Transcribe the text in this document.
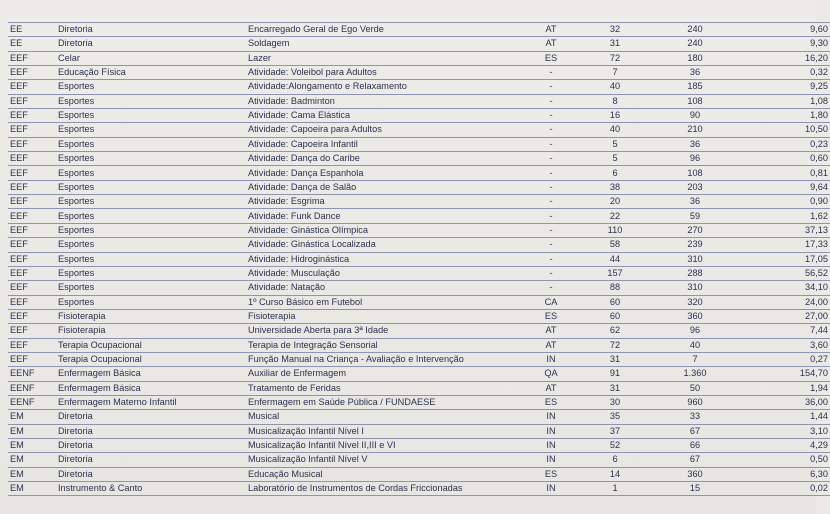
EE	Diretoria	Encarregado Geral de Ego Verde	AT	32	240	9,60
EE	Diretoria	Soldagem	AT	31	240	9,30
EEF	Celar	Lazer	ES	72	180	16,20
EEF	Educação Física	Atividade: Voleibol para Adultos	-	7	36	0,32
EEF	Esportes	Atividade:Alongamento e Relaxamento	-	40	185	9,25
EEF	Esportes	Atividade: Badminton	-	8	108	1,08
EEF	Esportes	Atividade: Cama Elástica	-	16	90	1,80
EEF	Esportes	Atividade: Capoeira para Adultos	-	40	210	10,50
EEF	Esportes	Atividade: Capoeira Infantil	-	5	36	0,23
EEF	Esportes	Atividade: Dança do Caribe	-	5	96	0,60
EEF	Esportes	Atividade: Dança Espanhola	-	6	108	0,81
EEF	Esportes	Atividade: Dança de Salão	-	38	203	9,64
EEF	Esportes	Atividade: Esgrima	-	20	36	0,90
EEF	Esportes	Atividade: Funk Dance	-	22	59	1,62
EEF	Esportes	Atividade: Ginástica Olímpica	-	110	270	37,13
EEF	Esportes	Atividade: Ginástica Localizada	-	58	239	17,33
EEF	Esportes	Atividade: Hidroginástica	-	44	310	17,05
EEF	Esportes	Atividade: Musculação	-	157	288	56,52
EEF	Esportes	Atividade: Natação	-	88	310	34,10
EEF	Esportes	1º Curso Básico em Futebol	CA	60	320	24,00
EEF	Fisioterapia	Fisioterapia	ES	60	360	27,00
EEF	Fisioterapia	Universidade Aberta para 3ª Idade	AT	62	96	7,44
EEF	Terapia Ocupacional	Terapia de Integração Sensorial	AT	72	40	3,60
EEF	Terapia Ocupacional	Função Manual na Criança - Avaliação e Intervenção	IN	31	7	0,27
EENF	Enfermagem Básica	Auxiliar de Enfermagem	QA	91	1.360	154,70
EENF	Enfermagem Básica	Tratamento de Feridas	AT	31	50	1,94
EENF	Enfermagem Materno Infantil	Enfermagem em Saúde Pública / FUNDAESE	ES	30	960	36,00
EM	Diretoria	Musical	IN	35	33	1,44
EM	Diretoria	Musicalização Infantil Nível I	IN	37	67	3,10
EM	Diretoria	Musicalização Infantil Nível II,III e VI	IN	52	66	4,29
EM	Diretoria	Musicalização Infantil Nível V	IN	6	67	0,50
EM	Diretoria	Educação Musical	ES	14	360	6,30
EM	Instrumento & Canto	Laboratório de Instrumentos de Cordas Friccionadas	IN	1	15	0,02
